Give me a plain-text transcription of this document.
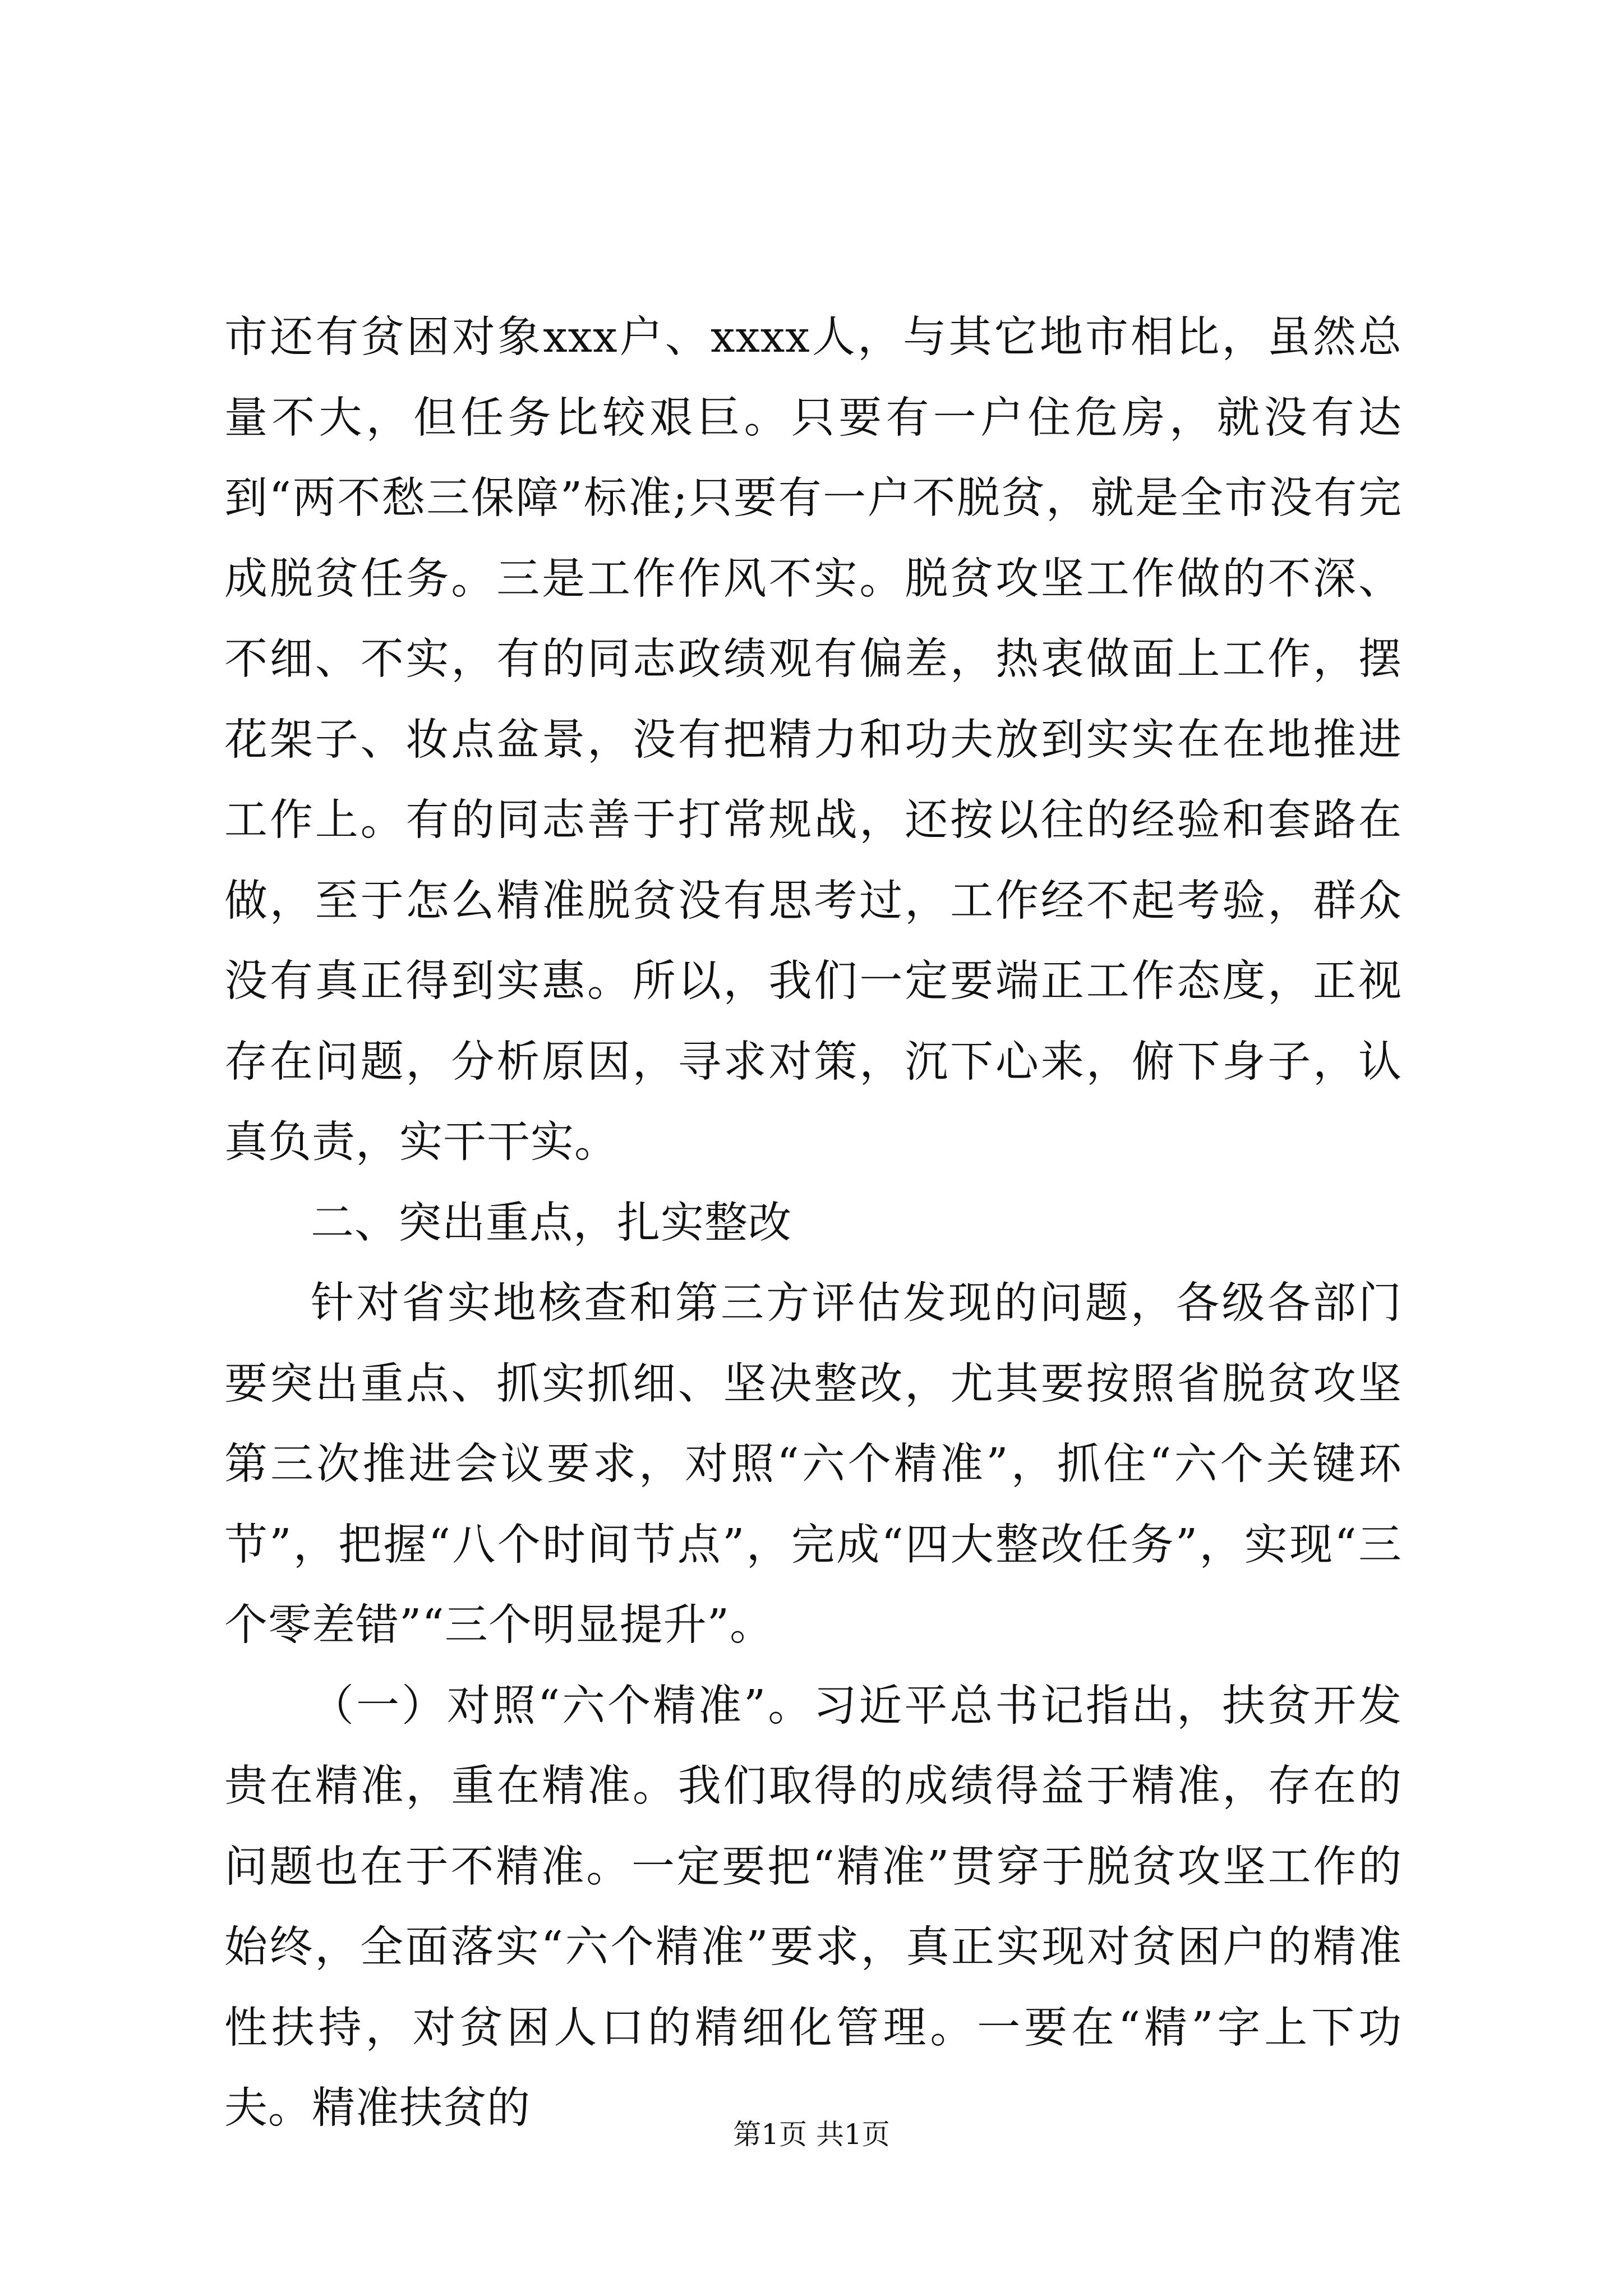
市还有贫困对象xxx户、xxxx人，与其它地市相比，虽然总量不大，但任务比较艰巨。只要有一户住危房，就没有达到“两不愁三保障”标准;只要有一户不脱贫，就是全市没有完成脱贫任务。三是工作作风不实。脱贫攻坚工作做的不深、不细、不实，有的同志政绩观有偏差，热衷做面上工作，摆花架子、妆点盆景，没有把精力和功夫放到实实在在地推进工作上。有的同志善于打常规战，还按以往的经验和套路在做，至于怎么精准脱贫没有思考过，工作经不起考验，群众没有真正得到实惠。所以，我们一定要端正工作态度，正视存在问题，分析原因，寻求对策，沉下心来，俯下身子，认真负责，实干干实。

二、突出重点，扎实整改

针对省实地核查和第三方评估发现的问题，各级各部门要突出重点、抓实抓细、坚决整改，尤其要按照省脱贫攻坚第三次推进会议要求，对照“六个精准”，抓住“六个关键环节”，把握“八个时间节点”，完成“四大整改任务”，实现“三个零差错”“三个明显提升”。

（一）对照“六个精准”。习近平总书记指出，扶贫开发贵在精准，重在精准。我们取得的成绩得益于精准，存在的问题也在于不精准。一定要把“精准”贯穿于脱贫攻坚工作的始终，全面落实“六个精准”要求，真正实现对贫困户的精准性扶持，对贫困人口的精细化管理。一要在“精”字上下功夫。精准扶贫的

第1页 共1页
